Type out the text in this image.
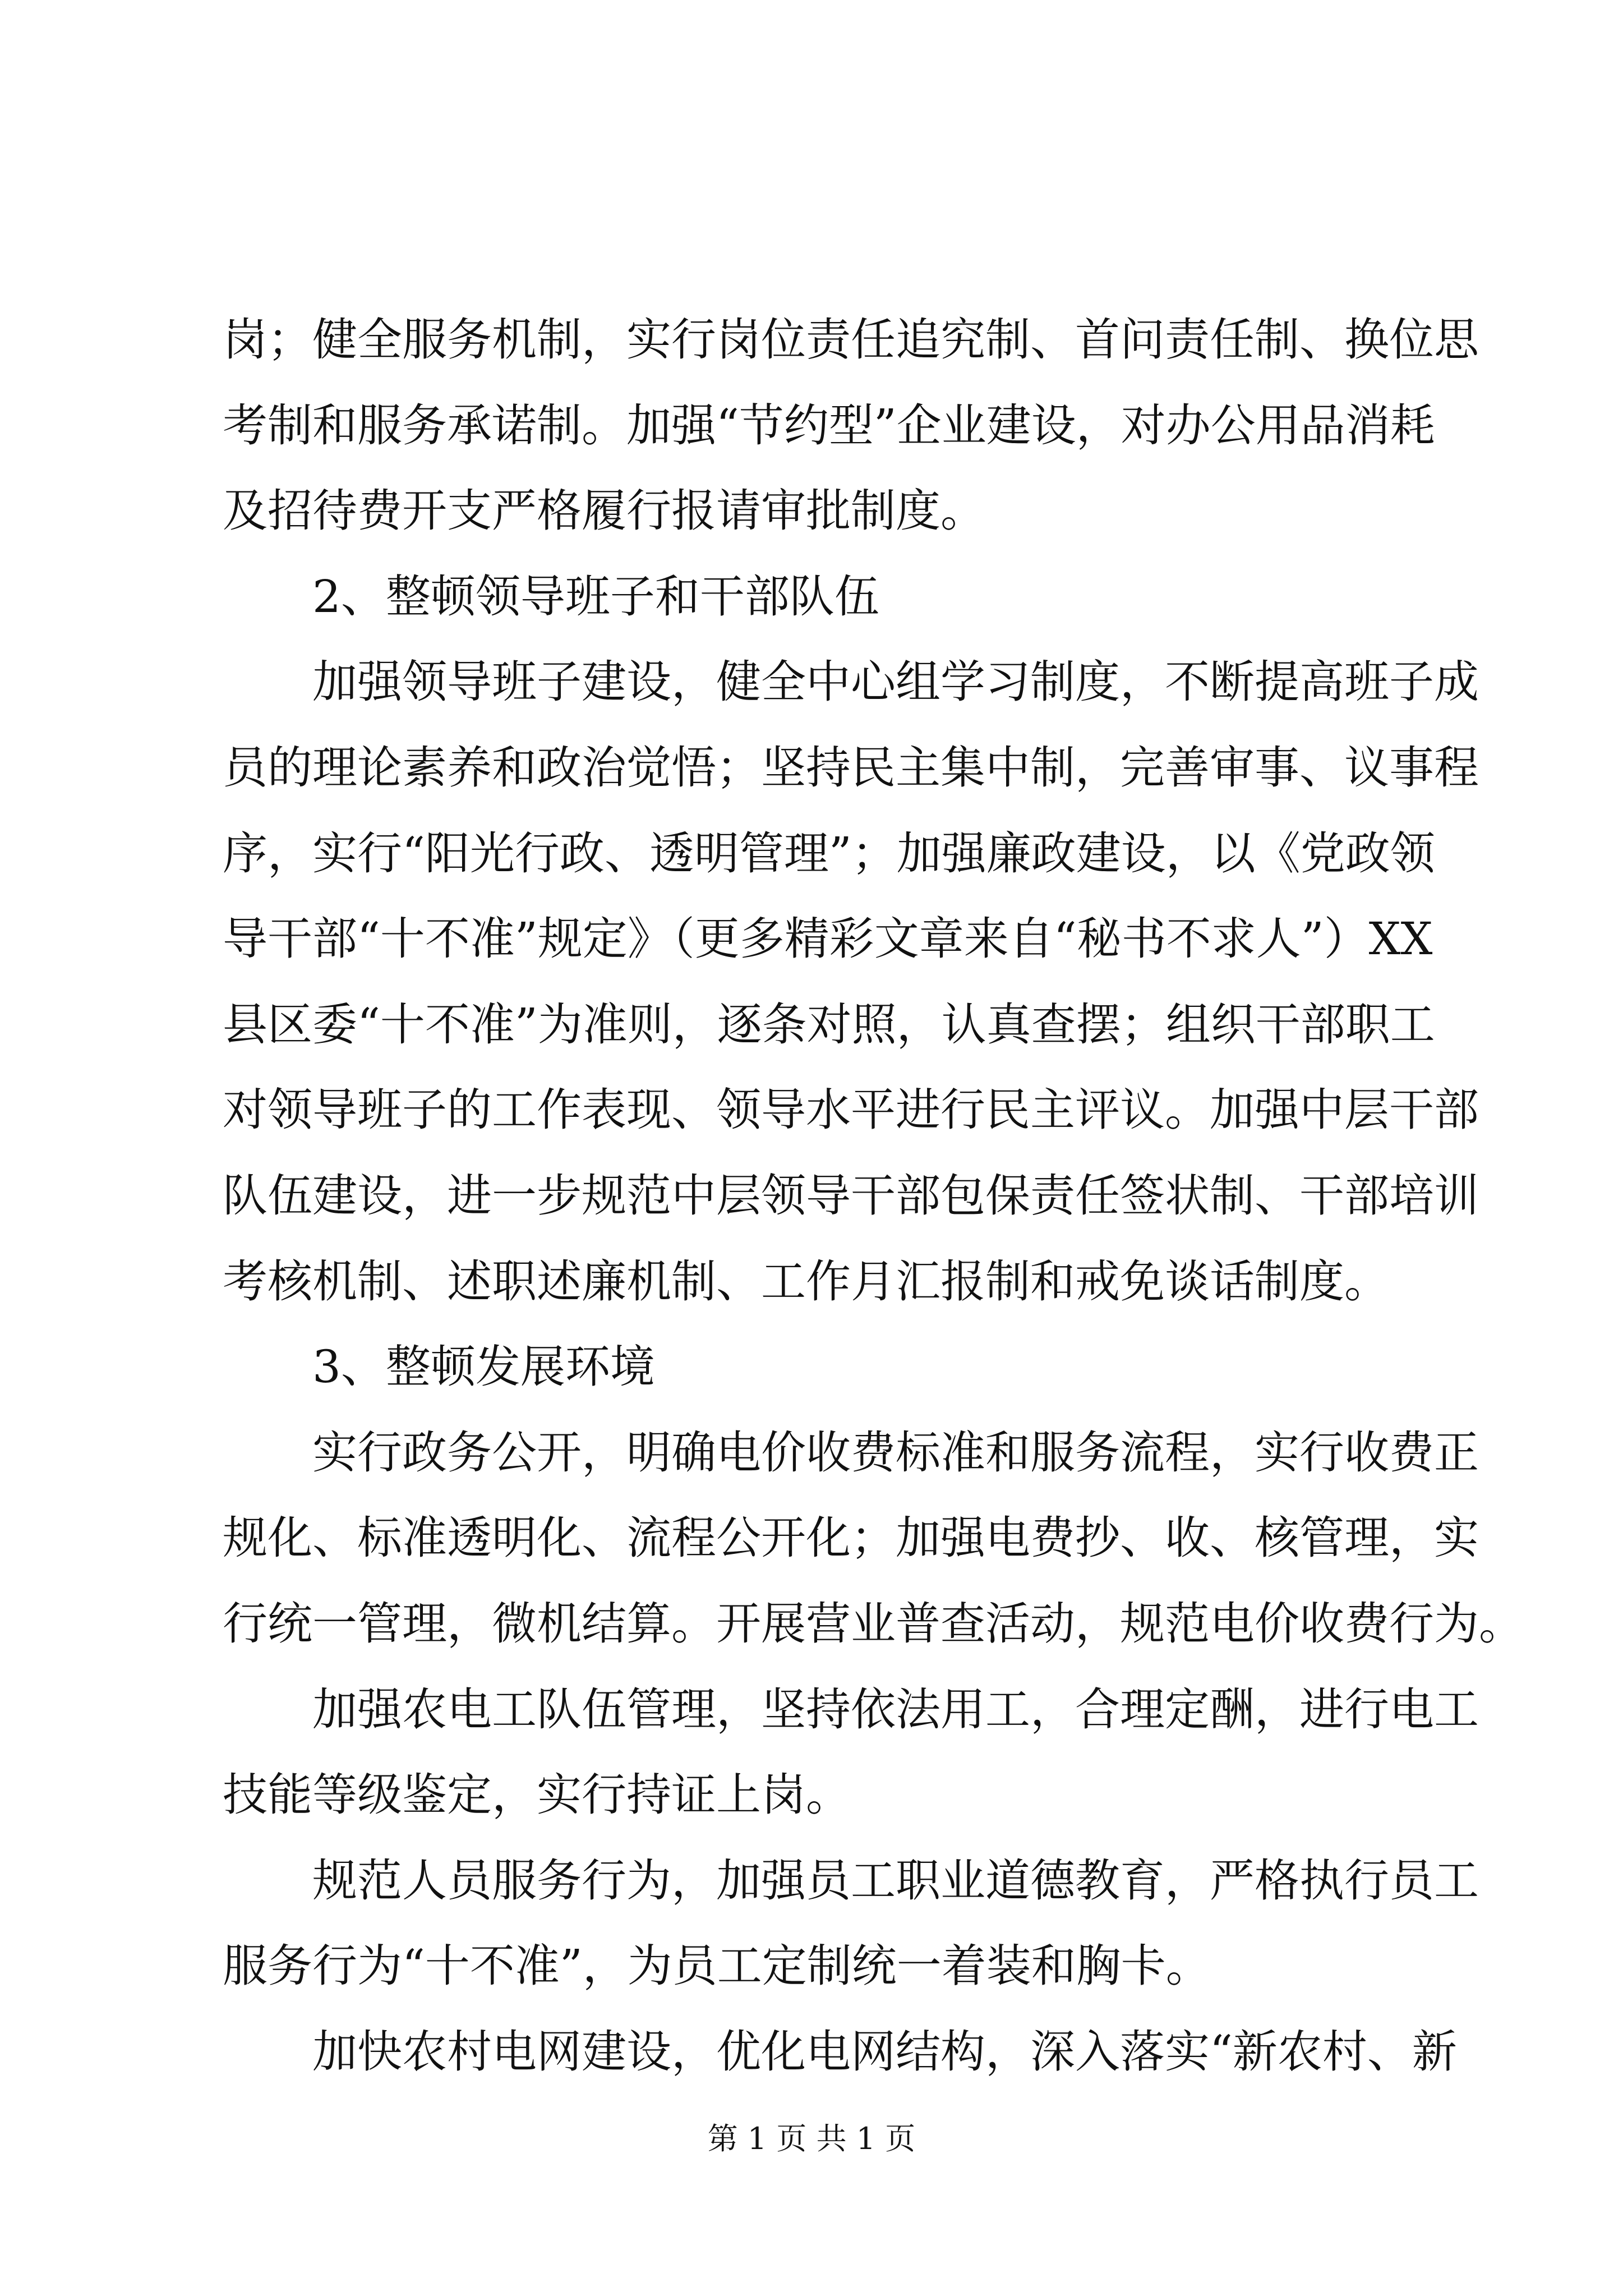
岗；健全服务机制，实行岗位责任追究制、首问责任制、换位思
考制和服务承诺制。加强“节约型”企业建设，对办公用品消耗
及招待费开支严格履行报请审批制度。
2、整顿领导班子和干部队伍
加强领导班子建设，健全中心组学习制度，不断提高班子成
员的理论素养和政治觉悟；坚持民主集中制，完善审事、议事程
序，实行“阳光行政、透明管理”；加强廉政建设，以《党政领
导干部“十不准”规定》（更多精彩文章来自“秘书不求人”）XX
县区委“十不准”为准则，逐条对照，认真查摆；组织干部职工
对领导班子的工作表现、领导水平进行民主评议。加强中层干部
队伍建设，进一步规范中层领导干部包保责任签状制、干部培训
考核机制、述职述廉机制、工作月汇报制和戒免谈话制度。
3、整顿发展环境
实行政务公开，明确电价收费标准和服务流程，实行收费正
规化、标准透明化、流程公开化；加强电费抄、收、核管理，实
行统一管理，微机结算。开展营业普查活动，规范电价收费行为。
加强农电工队伍管理，坚持依法用工，合理定酬，进行电工
技能等级鉴定，实行持证上岗。
规范人员服务行为，加强员工职业道德教育，严格执行员工
服务行为“十不准”，为员工定制统一着装和胸卡。
加快农村电网建设，优化电网结构，深入落实“新农村、新
第 1 页 共 1 页
